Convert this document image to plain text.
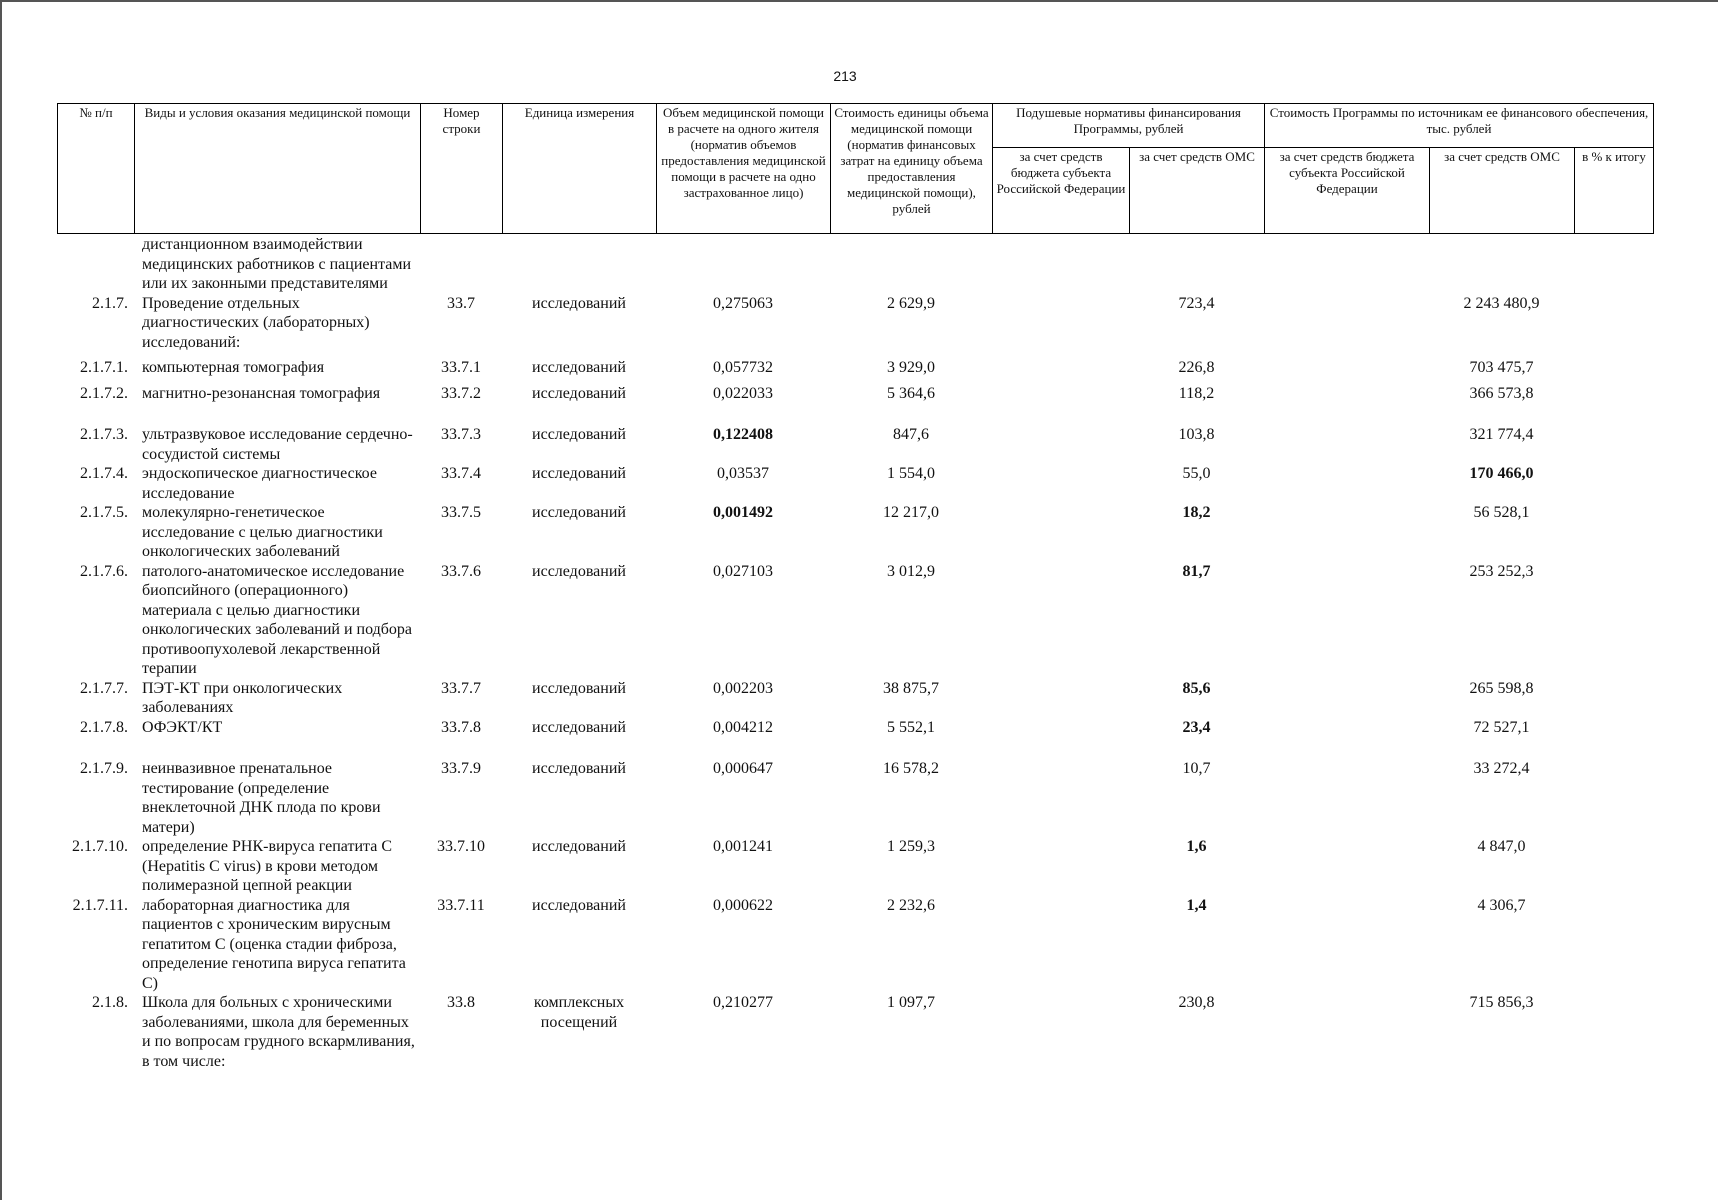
213
№ п/п	Виды и условия оказания медицинской помощи	Номер строки	Единица измерения	Объем медицинской помощи в расчете на одного жителя (норматив объемов предоставления медицинской помощи в расчете на одно застрахованное лицо)	Стоимость единицы объема медицинской помощи (норматив финансовых затрат на единицу объема предоставления медицинской помощи), рублей	Подушевые нормативы финансирования Программы, рублей		Стоимость Программы по источникам ее финансового обеспечения, тыс. рублей		
						за счет средств бюджета субъекта Российской Федерации	за счет средств ОМС	за счет средств бюджета субъекта Российской Федерации	за счет средств ОМС	в % к итогу
	дистанционном взаимодействии медицинских работников с пациентами или их законными представителями									
2.1.7.	Проведение отдельных диагностических (лабораторных) исследований:	33.7	исследований	0,275063	2 629,9		723,4		2 243 480,9	
2.1.7.1.	компьютерная томография	33.7.1	исследований	0,057732	3 929,0		226,8		703 475,7	
2.1.7.2.	магнитно-резонансная томография	33.7.2	исследований	0,022033	5 364,6		118,2		366 573,8	
2.1.7.3.	ультразвуковое исследование сердечно-сосудистой системы	33.7.3	исследований	0,122408	847,6		103,8		321 774,4	
2.1.7.4.	эндоскопическое диагностическое исследование	33.7.4	исследований	0,03537	1 554,0		55,0		170 466,0	
2.1.7.5.	молекулярно-генетическое исследование с целью диагностики онкологических заболеваний	33.7.5	исследований	0,001492	12 217,0		18,2		56 528,1	
2.1.7.6.	патолого-анатомическое исследование биопсийного (операционного) материала с целью диагностики онкологических заболеваний и подбора противоопухолевой лекарственной терапии	33.7.6	исследований	0,027103	3 012,9		81,7		253 252,3	
2.1.7.7.	ПЭТ-КТ при онкологических заболеваниях	33.7.7	исследований	0,002203	38 875,7		85,6		265 598,8	
2.1.7.8.	ОФЭКТ/КТ	33.7.8	исследований	0,004212	5 552,1		23,4		72 527,1	
2.1.7.9.	неинвазивное пренатальное тестирование (определение внеклеточной ДНК плода по крови матери)	33.7.9	исследований	0,000647	16 578,2		10,7		33 272,4	
2.1.7.10.	определение РНК-вируса гепатита С (Hepatitis C virus) в крови методом полимеразной цепной реакции	33.7.10	исследований	0,001241	1 259,3		1,6		4 847,0	
2.1.7.11.	лабораторная диагностика для пациентов с хроническим вирусным гепатитом С (оценка стадии фиброза, определение генотипа вируса гепатита С)	33.7.11	исследований	0,000622	2 232,6		1,4		4 306,7	
2.1.8.	Школа для больных с хроническими заболеваниями, школа для беременных и по вопросам грудного вскармливания, в том числе:	33.8	комплексных посещений	0,210277	1 097,7		230,8		715 856,3	
